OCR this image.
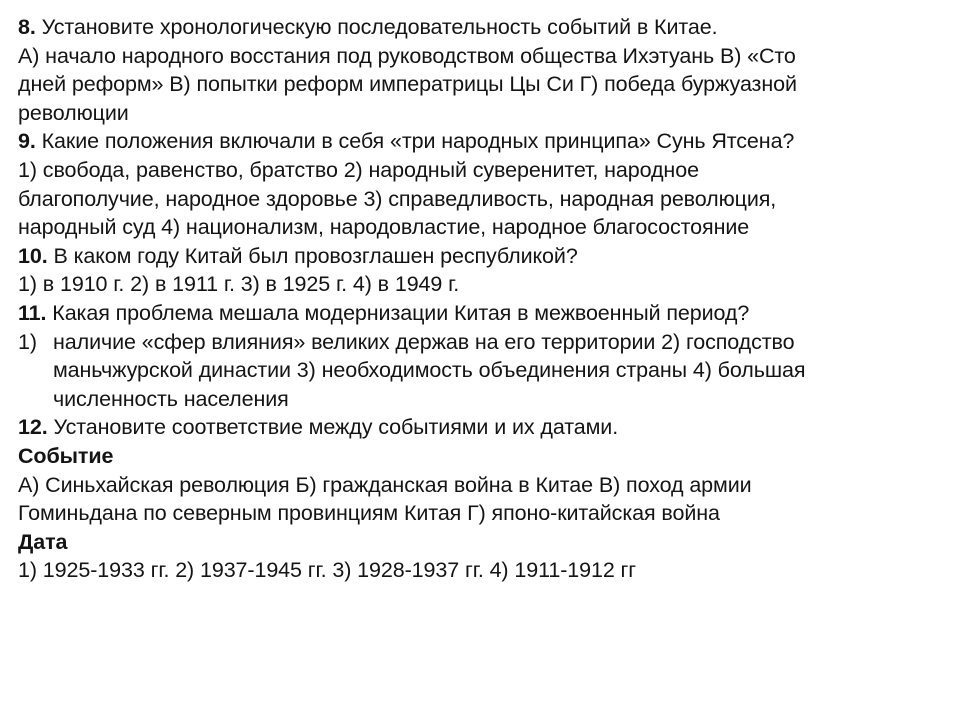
8. Установите хронологическую последовательность событий в Китае.
А) начало народного восстания под руководством общества Ихэтуань В) «Сто
дней реформ» В) попытки реформ императрицы Цы Си Г) победа буржуазной
революции
9. Какие положения включали в себя «три народных принципа» Сунь Ятсена?
1) свобода, равенство, братство 2) народный суверенитет, народное
благополучие, народное здоровье 3) справедливость, народная революция,
народный суд 4) национализм, народовластие, народное благосостояние
10. В каком году Китай был провозглашен республикой?
1) в 1910 г. 2) в 1911 г. 3) в 1925 г. 4) в 1949 г.
11. Какая проблема мешала модернизации Китая в межвоенный период?
1) наличие «сфер влияния» великих держав на его территории 2) господство
маньчжурской династии 3) необходимость объединения страны 4) большая
численность населения
12. Установите соответствие между событиями и их датами.
Событие
А) Синьхайская революция Б) гражданская война в Китае В) поход армии
Гоминьдана по северным провинциям Китая Г) японо-китайская война
Дата
1) 1925-1933 гг. 2) 1937-1945 гг. 3) 1928-1937 гг. 4) 1911-1912 гг
